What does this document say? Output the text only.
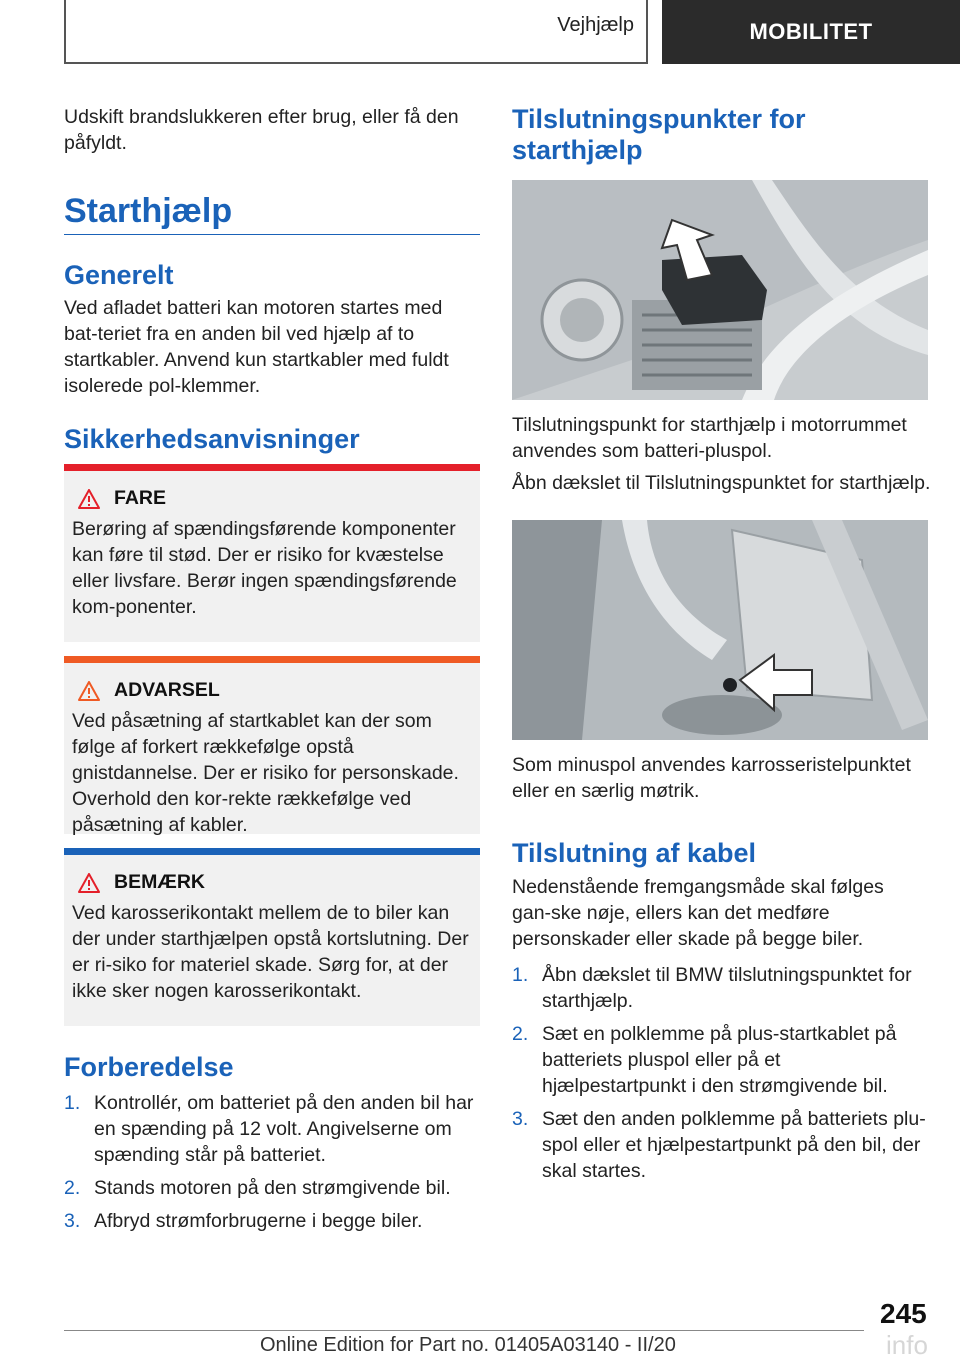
Vejhjælp	MOBILITET

Udskift brandslukkeren efter brug, eller få den påfyldt.

Starthjælp
Generelt

Ved afladet batteri kan motoren startes med bat-teriet fra en anden bil ved hjælp af to startkabler. Anvend kun startkabler med fuldt isolerede pol-klemmer.

Sikkerhedsanvisninger
FARE
Berøring af spændingsførende komponenter kan føre til stød. Der er risiko for kvæstelse eller livsfare. Berør ingen spændingsførende kom-ponenter.
ADVARSEL
Ved påsætning af startkablet kan der som følge af forkert rækkefølge opstå gnistdannelse. Der er risiko for personskade. Overhold den kor-rekte rækkefølge ved påsætning af kabler.
BEMÆRK
Ved karosserikontakt mellem de to biler kan der under starthjælpen opstå kortslutning. Der er ri-siko for materiel skade. Sørg for, at der ikke sker nogen karosserikontakt.
Forberedelse
1. Kontrollér, om batteriet på den anden bil har en spænding på 12 volt. Angivelserne om spænding står på batteriet.
2. Stands motoren på den strømgivende bil.
3. Afbryd strømforbrugerne i begge biler.
Tilslutningspunkter for starthjælp

Tilslutningspunkt for starthjælp i motorrummet anvendes som batteri-pluspol.

Åbn dækslet til Tilslutningspunktet for starthjælp.

Som minuspol anvendes karrosseristelpunktet eller en særlig møtrik.

Tilslutning af kabel

Nedenstående fremgangsmåde skal følges gan-ske nøje, ellers kan det medføre personskader eller skade på begge biler.

1. Åbn dækslet til BMW tilslutningspunktet for starthjælp.
2. Sæt en polklemme på plus-startkablet på batteriets pluspol eller på et hjælpestartpunkt i den strømgivende bil.
3. Sæt den anden polklemme på batteriets plu-spol eller et hjælpestartpunkt på den bil, der skal startes.
245
Online Edition for Part no. 01405A03140 - II/20	info
